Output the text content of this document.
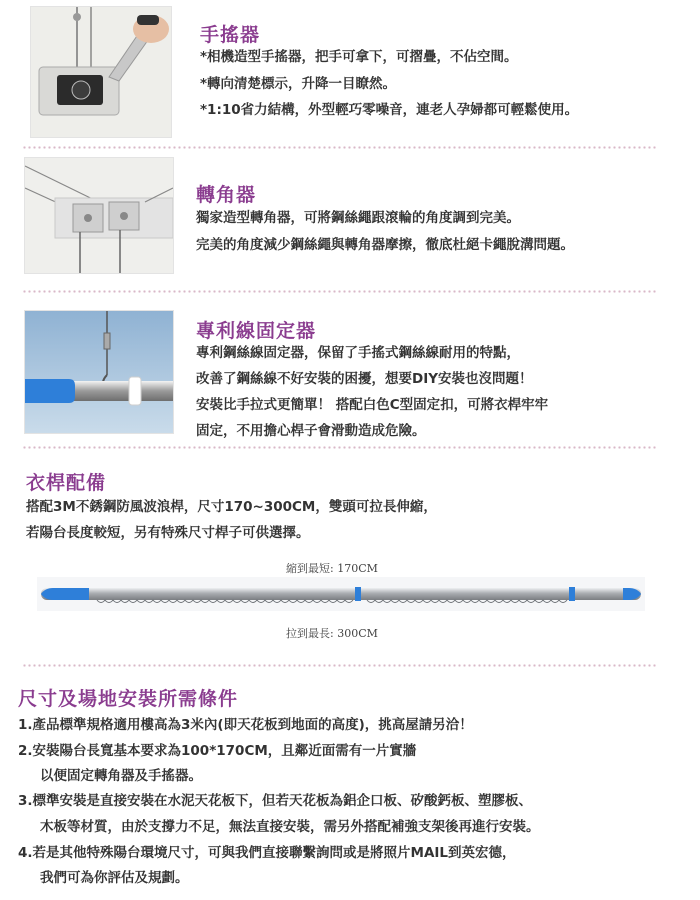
手搖器
*相機造型手搖器，把手可拿下，可摺疊，不佔空間。
*轉向清楚標示，升降一目瞭然。
*1:10省力結構，外型輕巧零噪音，連老人孕婦都可輕鬆使用。
轉角器
獨家造型轉角器，可將鋼絲繩跟滾輪的角度調到完美。
完美的角度減少鋼絲繩與轉角器摩擦，徹底杜絕卡繩脫溝問題。
專利線固定器
專利鋼絲線固定器，保留了手搖式鋼絲線耐用的特點，
改善了鋼絲線不好安裝的困擾，想要DIY安裝也沒問題！
安裝比手拉式更簡單！ 搭配白色C型固定扣，可將衣桿牢牢
固定，不用擔心桿子會滑動造成危險。
衣桿配備
搭配3M不銹鋼防風波浪桿，尺寸170~300CM，雙頭可拉長伸縮，
若陽台長度較短，另有特殊尺寸桿子可供選擇。
縮到最短: 170CM
拉到最長: 300CM
尺寸及場地安裝所需條件
1.產品標準規格適用樓高為3米內(即天花板到地面的高度)，挑高屋請另洽！
2.安裝陽台長寬基本要求為100*170CM，且鄰近面需有一片實牆
以便固定轉角器及手搖器。
3.標準安裝是直接安裝在水泥天花板下，但若天花板為鋁企口板、矽酸鈣板、塑膠板、
木板等材質，由於支撐力不足，無法直接安裝，需另外搭配補強支架後再進行安裝。
4.若是其他特殊陽台環境尺寸，可與我們直接聯繫詢問或是將照片MAIL到英宏德，
我們可為你評估及規劃。
